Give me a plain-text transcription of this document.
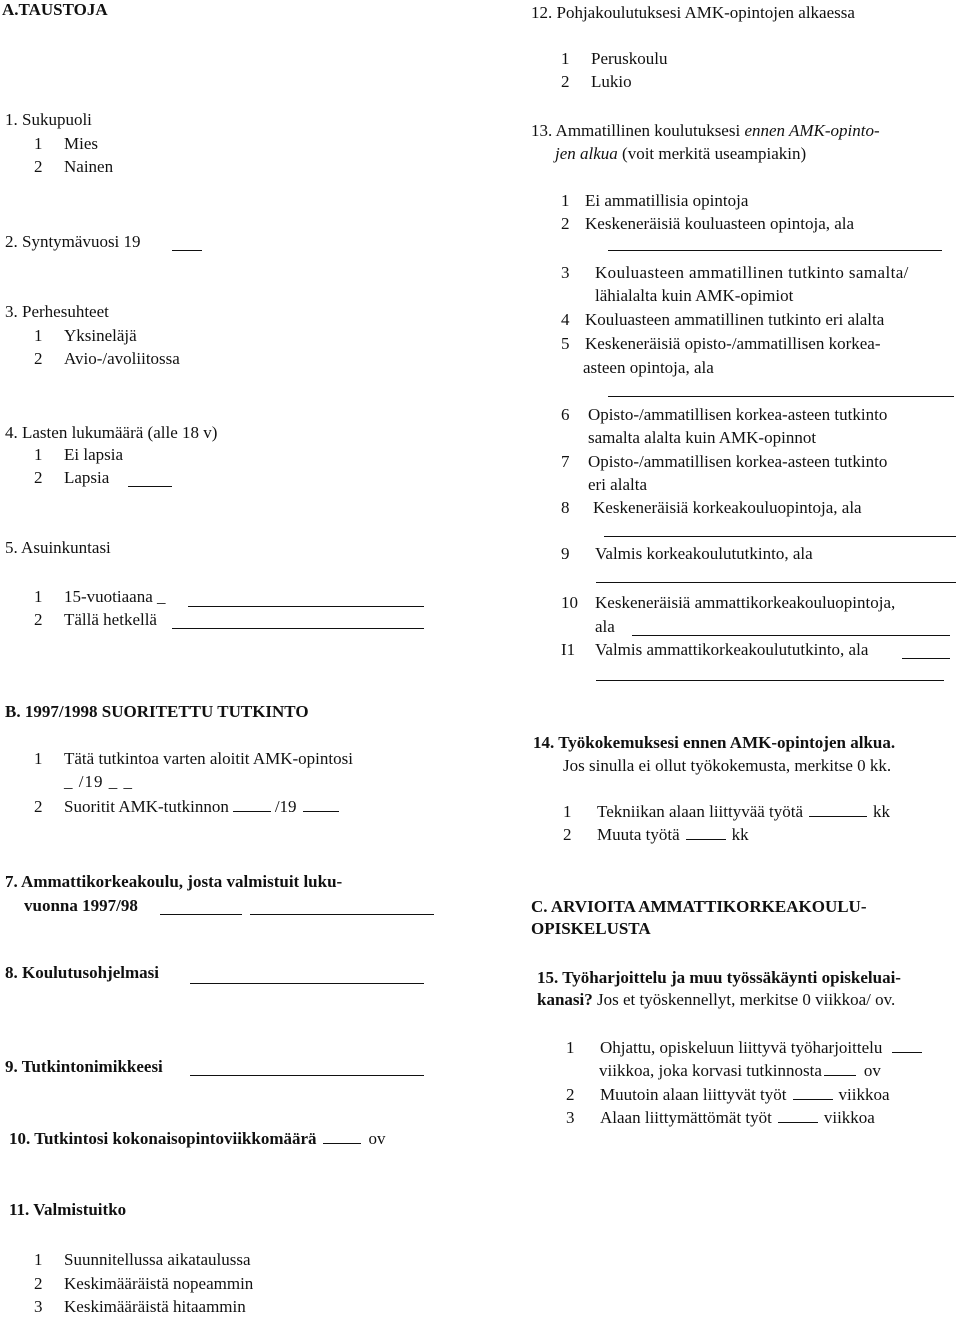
A.TAUSTOJA
1. Sukupuoli
1 Mies
2 Nainen
2. Syntymävuosi 19
3. Perhesuhteet
1 Yksineläjä
2 Avio-/avoliitossa
4. Lasten lukumäärä (alle 18 v)
1 Ei lapsia
2 Lapsia
5. Asuinkuntasi
1 15-vuotiaana _
2 Tällä hetkellä
B. 1997/1998 SUORITETTU TUTKINTO
1 Tätä tutkintoa varten aloitit AMK-opintosi
_ /19 _ _
2 Suoritit AMK-tutkinnon	/19
7. Ammattikorkeakoulu, josta valmistuit luku-
vuonna 1997/98
8. Koulutusohjelmasi
9. Tutkintonimikkeesi
10. Tutkintosi kokonaisopintoviikkomäärä	ov
11. Valmistuitko
1 Suunnitellussa aikataulussa
2 Keskimääräistä nopeammin
3 Keskimääräistä hitaammin
12. Pohjakoulutuksesi AMK-opintojen alkaessa
1 Peruskoulu
2 Lukio
13. Ammatillinen koulutuksesi ennen AMK-opinto-
jen alkua (voit merkitä useampiakin)
1 Ei ammatillisia opintoja
2 Keskeneräisiä kouluasteen opintoja, ala
3 Kouluasteen ammatillinen tutkinto samalta/
lähialalta kuin AMK-opimiot
4 Kouluasteen ammatillinen tutkinto eri alalta
5 Keskeneräisiä opisto-/ammatillisen korkea-
asteen opintoja, ala
6 Opisto-/ammatillisen korkea-asteen tutkinto
samalta alalta kuin AMK-opinnot
7 Opisto-/ammatillisen korkea-asteen tutkinto
eri alalta
8 Keskeneräisiä korkeakouluopintoja, ala
9 Valmis korkeakoulututkinto, ala
10 Keskeneräisiä ammattikorkeakouluopintoja,
ala
I1 Valmis ammattikorkeakoulututkinto, ala
14. Työkokemuksesi ennen AMK-opintojen alkua.
Jos sinulla ei ollut työkokemusta, merkitse 0 kk.
1 Tekniikan alaan liittyvää työtä	kk
2 Muuta työtä	kk
C. ARVIOITA AMMATTIKORKEAKOULU-
OPISKELUSTA
15. Työharjoittelu ja muu työssäkäynti opiskeluai-
kanasi? Jos et työskennellyt, merkitse 0 viikkoa/ ov.
1 Ohjattu, opiskeluun liittyvä työharjoittelu
viikkoa, joka korvasi tutkinnosta ov
2 Muutoin alaan liittyvät työt	viikkoa
3 Alaan liittymättömät työt	viikkoa
